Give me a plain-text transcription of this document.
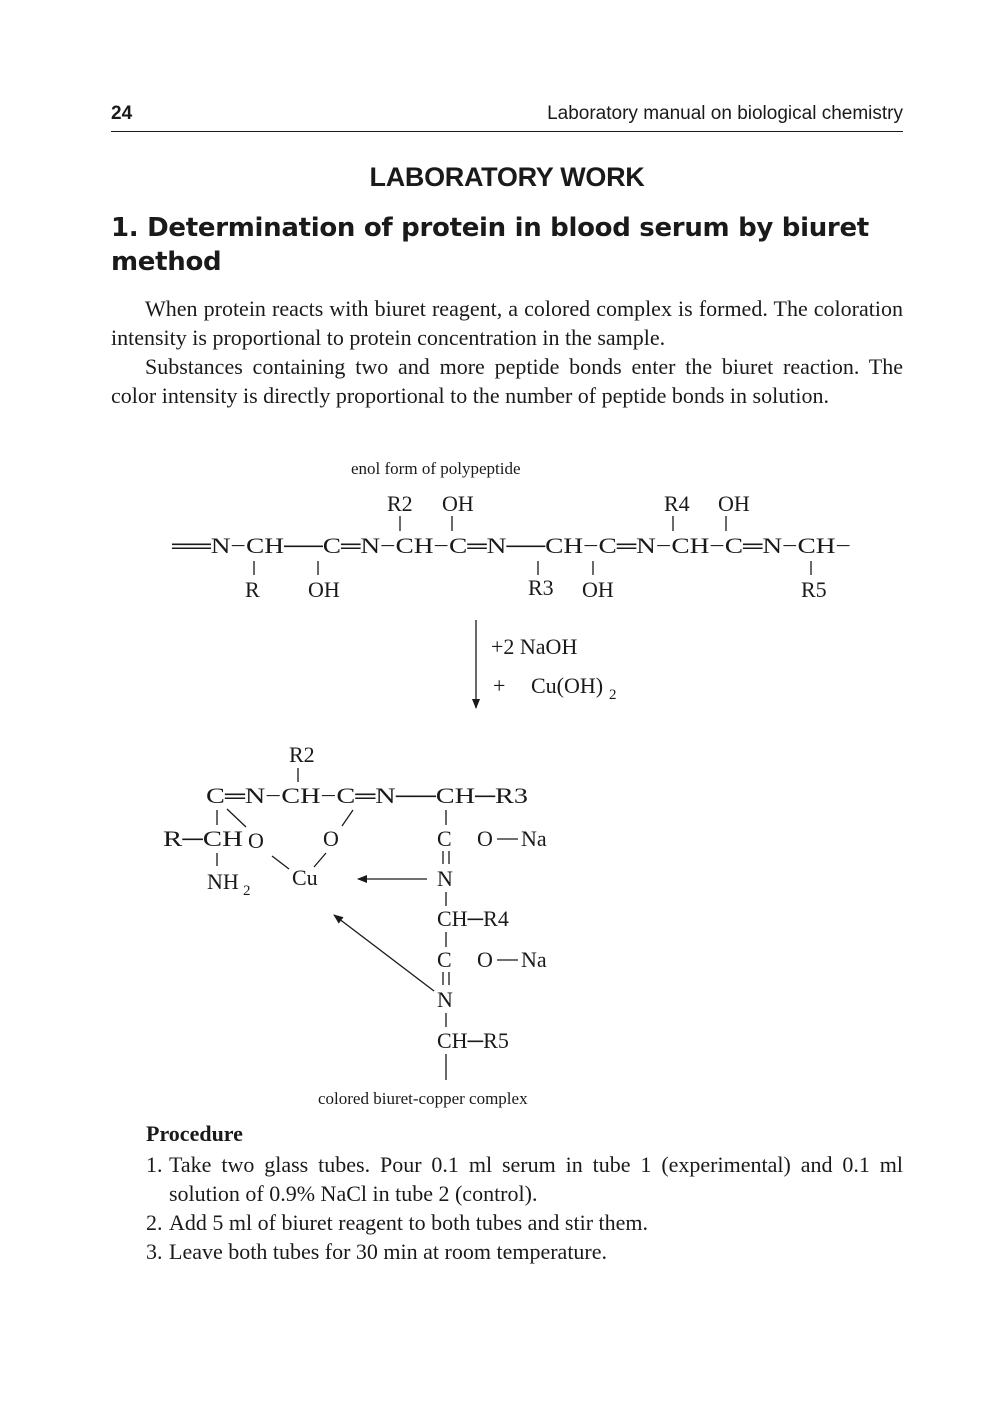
24	Laboratory manual on biological chemistry
LABORATORY WORK
1. Determination of protein in blood serum by biuret method

When protein reacts with biuret reagent, a colored complex is formed. The coloration intensity is proportional to protein concentration in the sample.

Substances containing two and more peptide bonds enter the biuret reaction. The color intensity is directly proportional to the number of peptide bonds in solution.

enol form of polypeptide
R2 OH	R4 OH
══N−CH──C═N−CH−C═N──CH−C═N−CH−C═N−CH−
R OH	R3 OH	R5
+2 NaOH
+ Cu(OH) 2
R2
C═N−CH−C═N──CH─R3
R─CH O	O	C O Na
NH 2
Cu	N
CH─R4
C O Na
N
CH─R5
colored biuret-copper complex
Procedure
1. Take two glass tubes. Pour 0.1 ml serum in tube 1 (experimental) and 0.1 ml solution of 0.9% NaCl in tube 2 (control).
2. Add 5 ml of biuret reagent to both tubes and stir them.
3. Leave both tubes for 30 min at room temperature.
